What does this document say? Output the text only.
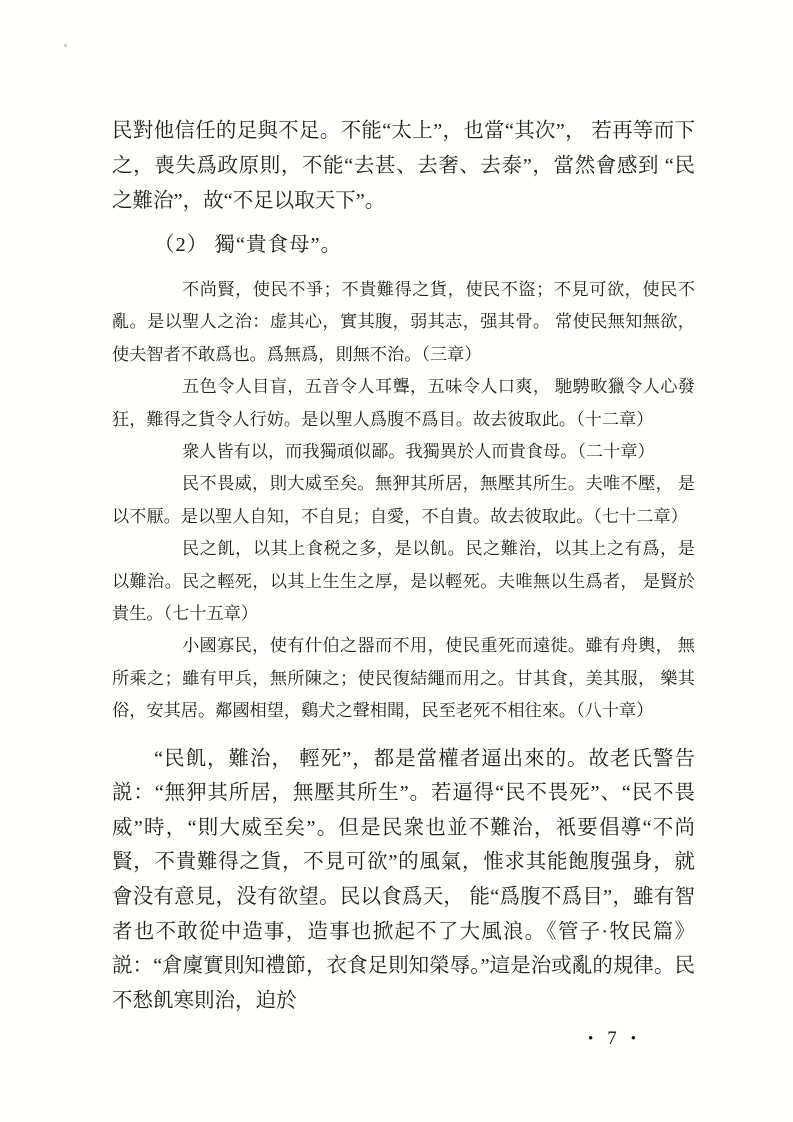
民對他信任的足與不足。不能“太上”，也當“其次”， 若再等而下之，喪失爲政原則，不能“去甚、去奢、去泰”，當然會感到 “民之難治”，故“不足以取天下”。

（2） 獨“貴食母”。

不尚賢，使民不爭；不貴難得之貨，使民不盜；不見可欲，使民不亂。是以聖人之治：虚其心，實其腹，弱其志，强其骨。 常使民無知無欲，使夫智者不敢爲也。爲無爲，則無不治。（三章）

五色令人目盲，五音令人耳聾，五味令人口爽， 馳騁畋獵令人心發狂，難得之貨令人行妨。是以聖人爲腹不爲目。故去彼取此。（十二章）

衆人皆有以，而我獨頑似鄙。我獨異於人而貴食母。（二十章）

民不畏威，則大威至矣。無狎其所居，無壓其所生。夫唯不壓， 是以不厭。是以聖人自知，不自見；自愛，不自貴。故去彼取此。（七十二章）

民之飢，以其上食税之多，是以飢。民之難治，以其上之有爲，是以難治。民之輕死，以其上生生之厚，是以輕死。夫唯無以生爲者， 是賢於貴生。（七十五章）

小國寡民，使有什伯之器而不用，使民重死而遠徙。雖有舟輿， 無所乘之；雖有甲兵，無所陳之；使民復結繩而用之。甘其食，美其服， 樂其俗，安其居。鄰國相望，鷄犬之聲相聞，民至老死不相往來。（八十章）

“民飢，難治， 輕死”，都是當權者逼出來的。故老氏警告説：“無狎其所居，無壓其所生”。若逼得“民不畏死”、“民不畏威”時，“則大威至矣”。但是民衆也並不難治，衹要倡導“不尚賢，不貴難得之貨，不見可欲”的風氣，惟求其能飽腹强身，就會没有意見，没有欲望。民以食爲天， 能“爲腹不爲目”，雖有智者也不敢從中造事，造事也掀起不了大風浪。《管子·牧民篇》説：“倉廩實則知禮節，衣食足則知榮辱。”這是治或亂的規律。民不愁飢寒則治，迫於

• 7 •
